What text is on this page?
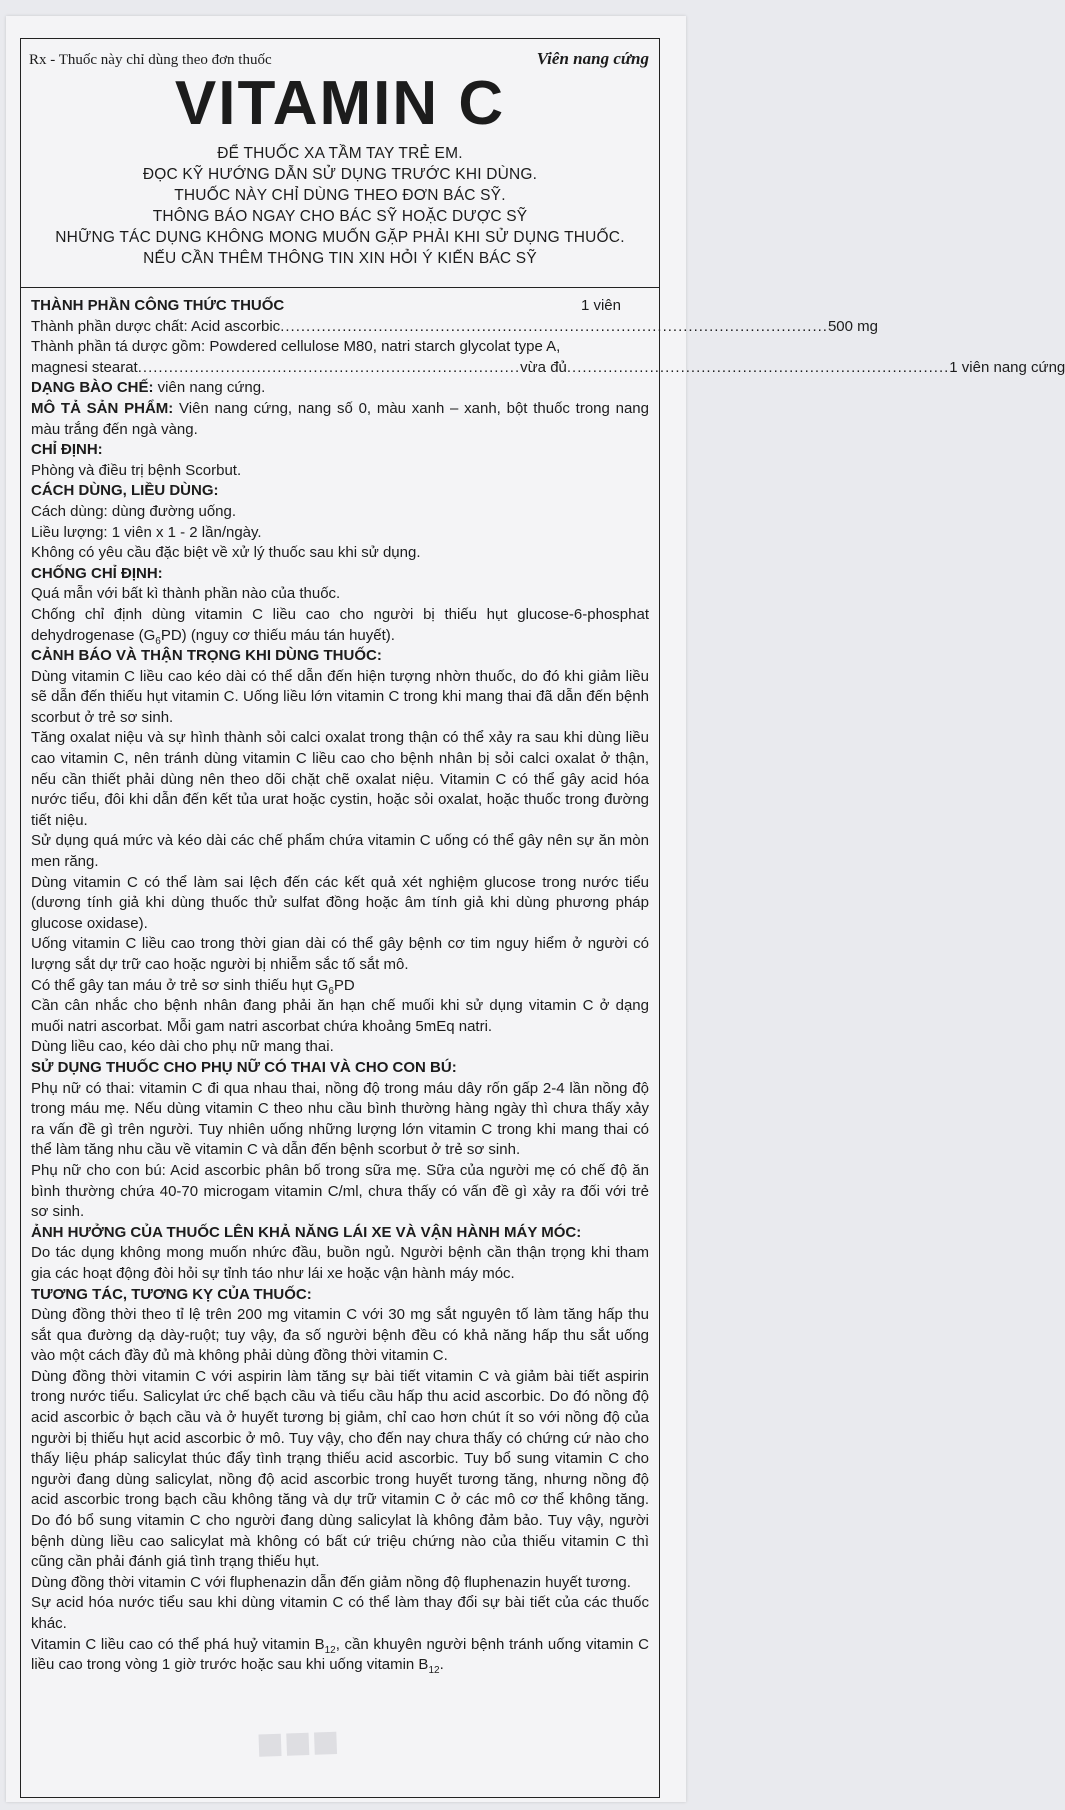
■■■
Rx - Thuốc này chỉ dùng theo đơn thuốc	Viên nang cứng
VITAMIN C
ĐỂ THUỐC XA TẦM TAY TRẺ EM.
ĐỌC KỸ HƯỚNG DẪN SỬ DỤNG TRƯỚC KHI DÙNG.
THUỐC NÀY CHỈ DÙNG THEO ĐƠN BÁC SỸ.
THÔNG BÁO NGAY CHO BÁC SỸ HOẶC DƯỢC SỸ
NHỮNG TÁC DỤNG KHÔNG MONG MUỐN GẶP PHẢI KHI SỬ DỤNG THUỐC.
NẾU CẦN THÊM THÔNG TIN XIN HỎI Ý KIẾN BÁC SỸ
THÀNH PHẦN CÔNG THỨC THUỐC	1 viên
Thành phần dược chất: Acid ascorbic .......................................................................................................... 500 mg

Thành phần tá dược gồm: Powdered cellulose M80, natri starch glycolat type A,

magnesi stearat .......................................................................... vừa đủ .......................................................................... 1 viên nang cứng

DẠNG BÀO CHẾ: viên nang cứng.

MÔ TẢ SẢN PHẨM: Viên nang cứng, nang số 0, màu xanh – xanh, bột thuốc trong nang màu trắng đến ngà vàng.

CHỈ ĐỊNH:

Phòng và điều trị bệnh Scorbut.

CÁCH DÙNG, LIỀU DÙNG:

Cách dùng: dùng đường uống.

Liều lượng: 1 viên x 1 - 2 lần/ngày.

Không có yêu cầu đặc biệt về xử lý thuốc sau khi sử dụng.

CHỐNG CHỈ ĐỊNH:

Quá mẫn với bất kì thành phần nào của thuốc.

Chống chỉ định dùng vitamin C liều cao cho người bị thiếu hụt glucose-6-phosphat dehydrogenase $(G_6PD)$ (nguy cơ thiếu máu tán huyết).

CẢNH BÁO VÀ THẬN TRỌNG KHI DÙNG THUỐC:

Dùng vitamin C liều cao kéo dài có thể dẫn đến hiện tượng nhờn thuốc, do đó khi giảm liều sẽ dẫn đến thiếu hụt vitamin C. Uống liều lớn vitamin C trong khi mang thai đã dẫn đến bệnh scorbut ở trẻ sơ sinh.

Tăng oxalat niệu và sự hình thành sỏi calci oxalat trong thận có thể xảy ra sau khi dùng liều cao vitamin C, nên tránh dùng vitamin C liều cao cho bệnh nhân bị sỏi calci oxalat ở thận, nếu cần thiết phải dùng nên theo dõi chặt chẽ oxalat niệu. Vitamin C có thể gây acid hóa nước tiểu, đôi khi dẫn đến kết tủa urat hoặc cystin, hoặc sỏi oxalat, hoặc thuốc trong đường tiết niệu.

Sử dụng quá mức và kéo dài các chế phẩm chứa vitamin C uống có thể gây nên sự ăn mòn men răng.

Dùng vitamin C có thể làm sai lệch đến các kết quả xét nghiệm glucose trong nước tiểu (dương tính giả khi dùng thuốc thử sulfat đồng hoặc âm tính giả khi dùng phương pháp glucose oxidase).

Uống vitamin C liều cao trong thời gian dài có thể gây bệnh cơ tim nguy hiểm ở người có lượng sắt dự trữ cao hoặc người bị nhiễm sắc tố sắt mô.

Có thể gây tan máu ở trẻ sơ sinh thiếu hụt $G_6PD$

Cần cân nhắc cho bệnh nhân đang phải ăn hạn chế muối khi sử dụng vitamin C ở dạng muối natri ascorbat. Mỗi gam natri ascorbat chứa khoảng 5mEq natri.

Dùng liều cao, kéo dài cho phụ nữ mang thai.

SỬ DỤNG THUỐC CHO PHỤ NỮ CÓ THAI VÀ CHO CON BÚ:

Phụ nữ có thai: vitamin C đi qua nhau thai, nồng độ trong máu dây rốn gấp 2-4 lần nồng độ trong máu mẹ. Nếu dùng vitamin C theo nhu cầu bình thường hàng ngày thì chưa thấy xảy ra vấn đề gì trên người. Tuy nhiên uống những lượng lớn vitamin C trong khi mang thai có thể làm tăng nhu cầu về vitamin C và dẫn đến bệnh scorbut ở trẻ sơ sinh.

Phụ nữ cho con bú: Acid ascorbic phân bố trong sữa mẹ. Sữa của người mẹ có chế độ ăn bình thường chứa 40-70 microgam vitamin C/ml, chưa thấy có vấn đề gì xảy ra đối với trẻ sơ sinh.

ẢNH HƯỞNG CỦA THUỐC LÊN KHẢ NĂNG LÁI XE VÀ VẬN HÀNH MÁY MÓC:

Do tác dụng không mong muốn nhức đầu, buồn ngủ. Người bệnh cần thận trọng khi tham gia các hoạt động đòi hỏi sự tỉnh táo như lái xe hoặc vận hành máy móc.

TƯƠNG TÁC, TƯƠNG KỴ CỦA THUỐC:

Dùng đồng thời theo tỉ lệ trên 200 mg vitamin C với 30 mg sắt nguyên tố làm tăng hấp thu sắt qua đường dạ dày-ruột; tuy vậy, đa số người bệnh đều có khả năng hấp thu sắt uống vào một cách đầy đủ mà không phải dùng đồng thời vitamin C.

Dùng đồng thời vitamin C với aspirin làm tăng sự bài tiết vitamin C và giảm bài tiết aspirin trong nước tiểu. Salicylat ức chế bạch cầu và tiểu cầu hấp thu acid ascorbic. Do đó nồng độ acid ascorbic ở bạch cầu và ở huyết tương bị giảm, chỉ cao hơn chút ít so với nồng độ của người bị thiếu hụt acid ascorbic ở mô. Tuy vậy, cho đến nay chưa thấy có chứng cứ nào cho thấy liệu pháp salicylat thúc đẩy tình trạng thiếu acid ascorbic. Tuy bổ sung vitamin C cho người đang dùng salicylat, nồng độ acid ascorbic trong huyết tương tăng, nhưng nồng độ acid ascorbic trong bạch cầu không tăng và dự trữ vitamin C ở các mô cơ thể không tăng. Do đó bổ sung vitamin C cho người đang dùng salicylat là không đảm bảo. Tuy vậy, người bệnh dùng liều cao salicylat mà không có bất cứ triệu chứng nào của thiếu vitamin C thì cũng cần phải đánh giá tình trạng thiếu hụt.

Dùng đồng thời vitamin C với fluphenazin dẫn đến giảm nồng độ fluphenazin huyết tương.

Sự acid hóa nước tiểu sau khi dùng vitamin C có thể làm thay đổi sự bài tiết của các thuốc khác.

Vitamin C liều cao có thể phá huỷ vitamin $B_{12}$, cần khuyên người bệnh tránh uống vitamin C liều cao trong vòng 1 giờ trước hoặc sau khi uống vitamin $B_{12}$.
